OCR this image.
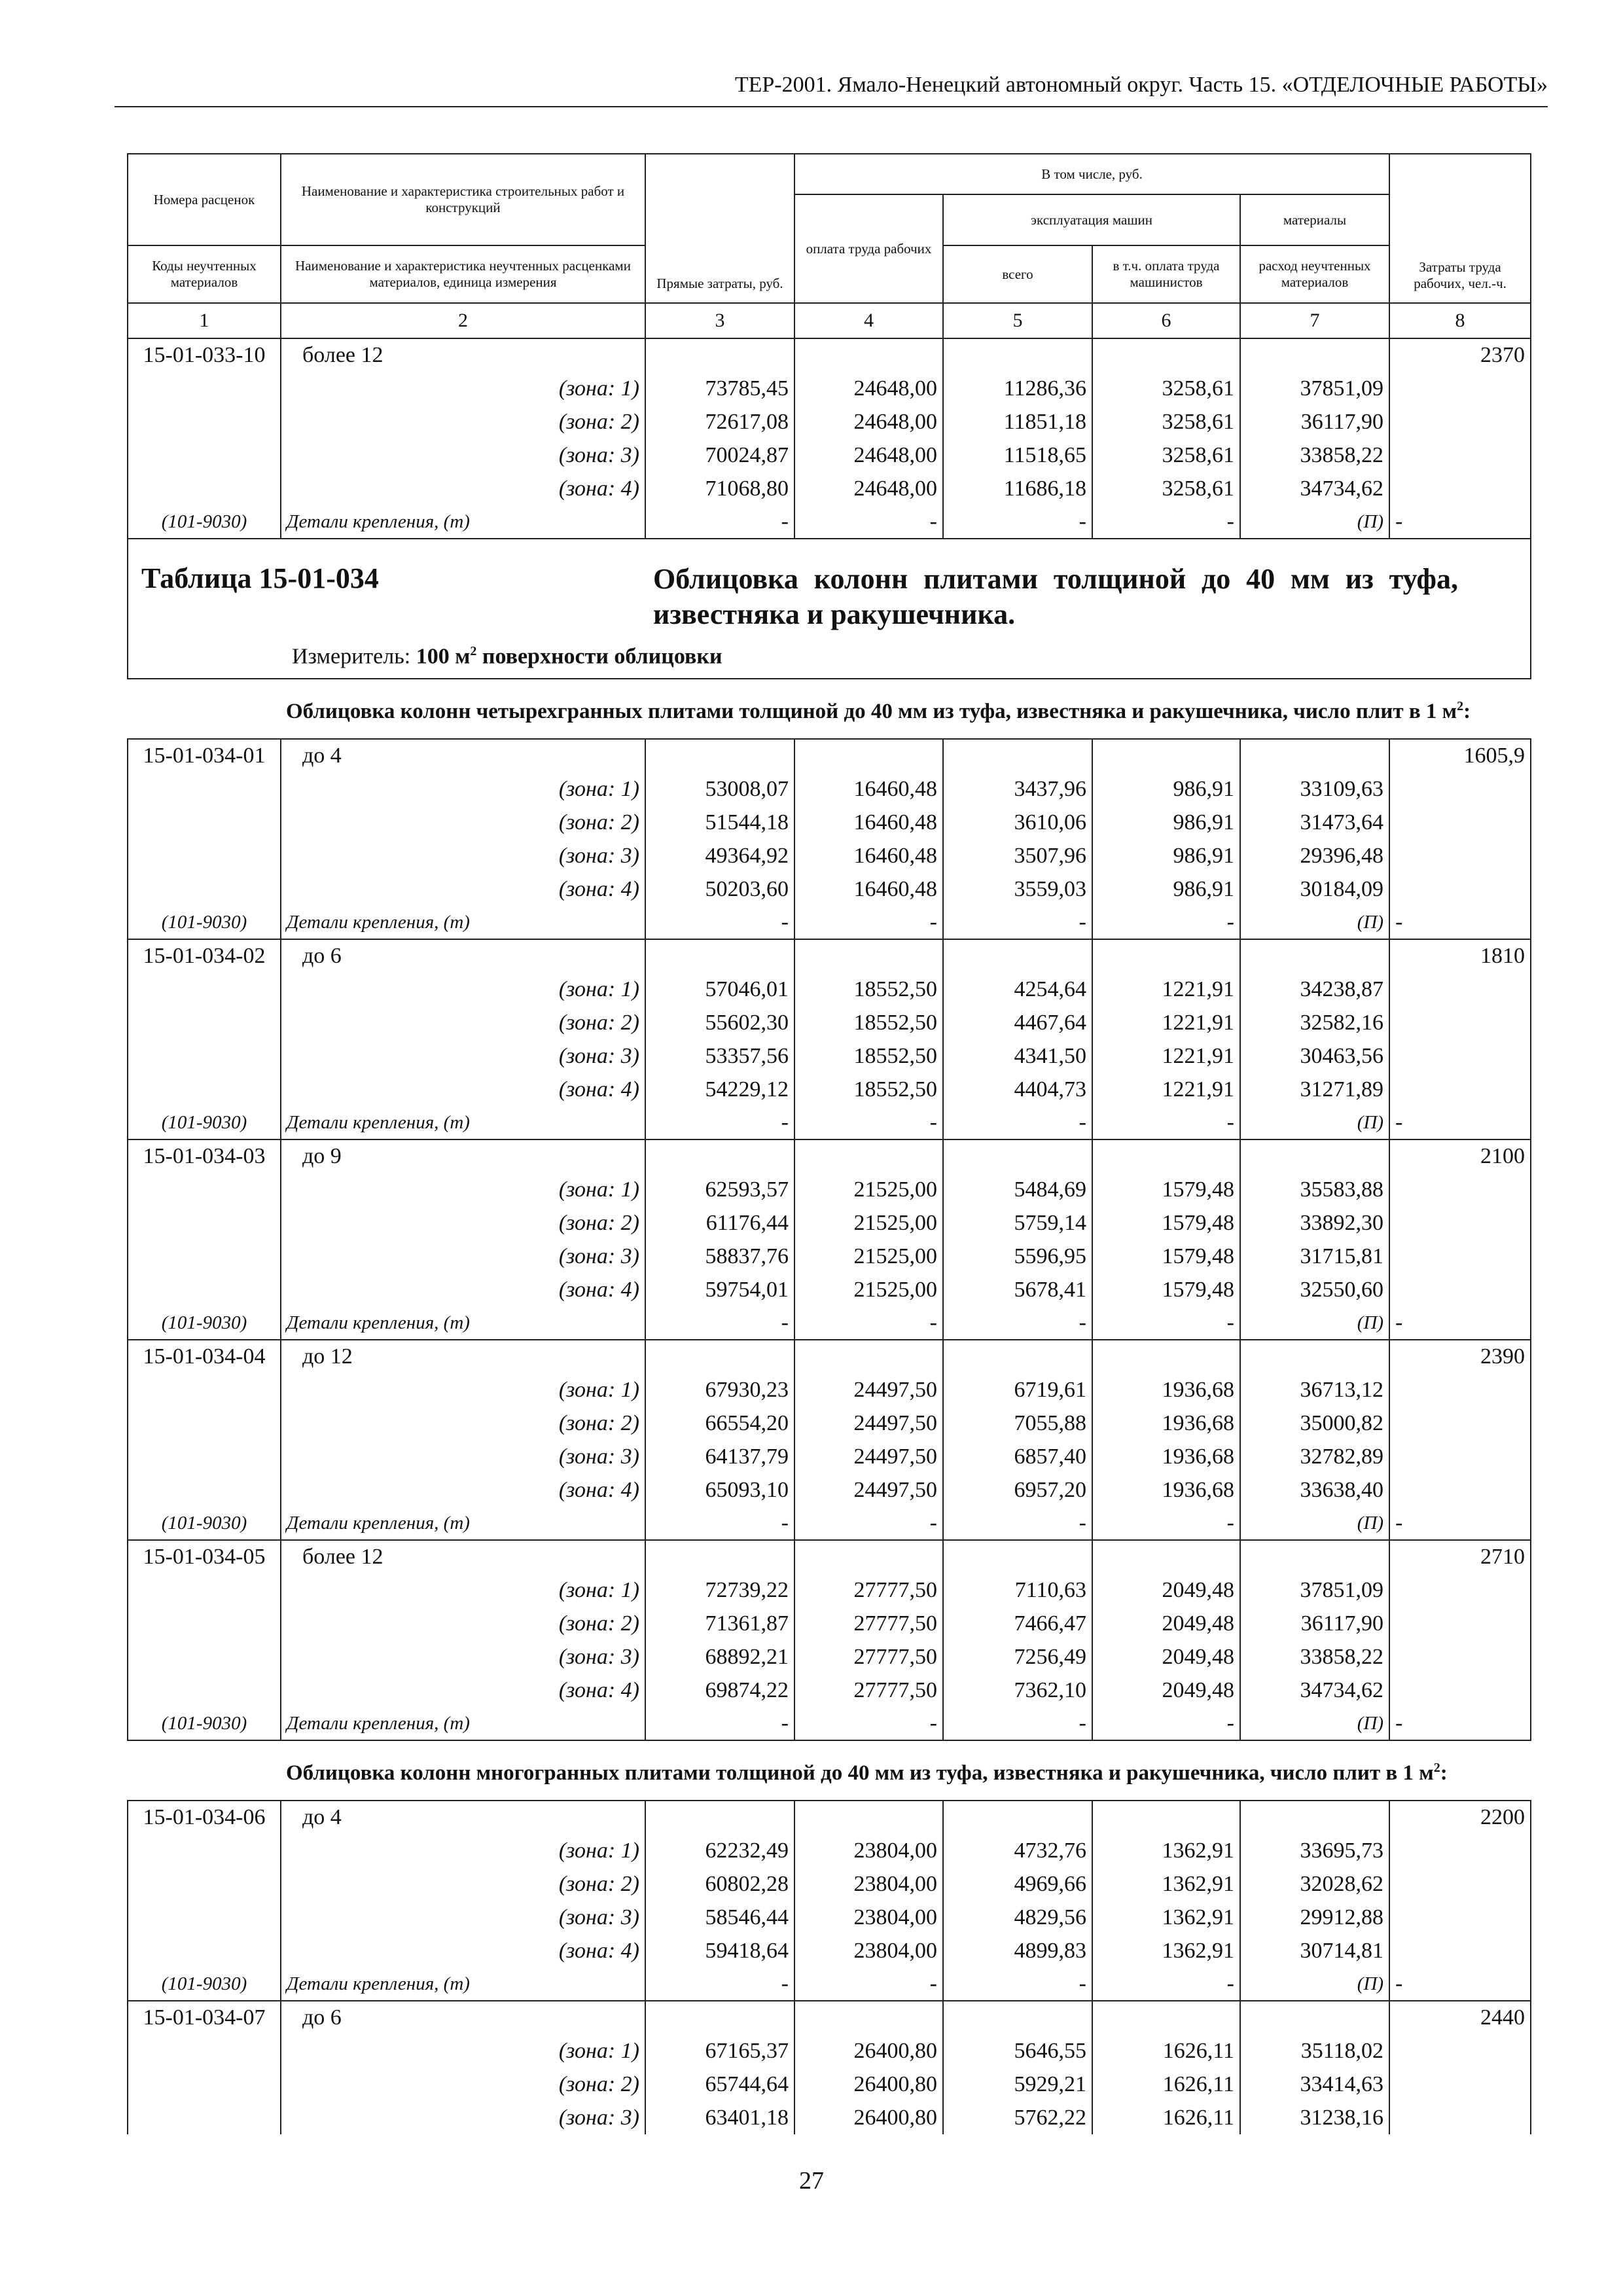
ТЕР-2001. Ямало-Ненецкий автономный округ. Часть 15. «ОТДЕЛОЧНЫЕ РАБОТЫ»
Номера расценок	Наименование и характеристика строительных работ и конструкций	Прямые затраты, руб.	В том числе, руб.				Затраты труда рабочих, чел.-ч.
			оплата труда рабочих	эксплуатация машин		материалы	
Коды неучтенных материалов	Наименование и характеристика неучтенных расценками материалов, единица измерения			всего	в т.ч. оплата труда машинистов	расход неучтенных материалов	
1	2	3	4	5	6	7	8
15-01-033-10	более 12						2370
	(зона: 1)	73785,45	24648,00	11286,36	3258,61	37851,09	
	(зона: 2)	72617,08	24648,00	11851,18	3258,61	36117,90	
	(зона: 3)	70024,87	24648,00	11518,65	3258,61	33858,22	
	(зона: 4)	71068,80	24648,00	11686,18	3258,61	34734,62	
(101-9030)	Детали крепления, (т)	-	-	-	-	(П)	-

Таблица 15-01-034 Облицовка колонн плитами толщиной до 40 мм из туфа, известняка и ракушечника.
Измеритель: 100 $м^2$ поверхности облицовки							

	Облицовка колонн четырехгранных плитами толщиной до 40 мм из туфа, известняка и ракушечника, число плит в 1 $м^2$:						
15-01-034-01	до 4						1605,9
	(зона: 1)	53008,07	16460,48	3437,96	986,91	33109,63	
	(зона: 2)	51544,18	16460,48	3610,06	986,91	31473,64	
	(зона: 3)	49364,92	16460,48	3507,96	986,91	29396,48	
	(зона: 4)	50203,60	16460,48	3559,03	986,91	30184,09	
(101-9030)	Детали крепления, (т)	-	-	-	-	(П)	-
15-01-034-02	до 6						1810
	(зона: 1)	57046,01	18552,50	4254,64	1221,91	34238,87	
	(зона: 2)	55602,30	18552,50	4467,64	1221,91	32582,16	
	(зона: 3)	53357,56	18552,50	4341,50	1221,91	30463,56	
	(зона: 4)	54229,12	18552,50	4404,73	1221,91	31271,89	
(101-9030)	Детали крепления, (т)	-	-	-	-	(П)	-
15-01-034-03	до 9						2100
	(зона: 1)	62593,57	21525,00	5484,69	1579,48	35583,88	
	(зона: 2)	61176,44	21525,00	5759,14	1579,48	33892,30	
	(зона: 3)	58837,76	21525,00	5596,95	1579,48	31715,81	
	(зона: 4)	59754,01	21525,00	5678,41	1579,48	32550,60	
(101-9030)	Детали крепления, (т)	-	-	-	-	(П)	-
15-01-034-04	до 12						2390
	(зона: 1)	67930,23	24497,50	6719,61	1936,68	36713,12	
	(зона: 2)	66554,20	24497,50	7055,88	1936,68	35000,82	
	(зона: 3)	64137,79	24497,50	6857,40	1936,68	32782,89	
	(зона: 4)	65093,10	24497,50	6957,20	1936,68	33638,40	
(101-9030)	Детали крепления, (т)	-	-	-	-	(П)	-
15-01-034-05	более 12						2710
	(зона: 1)	72739,22	27777,50	7110,63	2049,48	37851,09	
	(зона: 2)	71361,87	27777,50	7466,47	2049,48	36117,90	
	(зона: 3)	68892,21	27777,50	7256,49	2049,48	33858,22	
	(зона: 4)	69874,22	27777,50	7362,10	2049,48	34734,62	
(101-9030)	Детали крепления, (т)	-	-	-	-	(П)	-
	Облицовка колонн многогранных плитами толщиной до 40 мм из туфа, известняка и ракушечника, число плит в 1 $м^2$:						
15-01-034-06	до 4						2200
	(зона: 1)	62232,49	23804,00	4732,76	1362,91	33695,73	
	(зона: 2)	60802,28	23804,00	4969,66	1362,91	32028,62	
	(зона: 3)	58546,44	23804,00	4829,56	1362,91	29912,88	
	(зона: 4)	59418,64	23804,00	4899,83	1362,91	30714,81	
(101-9030)	Детали крепления, (т)	-	-	-	-	(П)	-
15-01-034-07	до 6						2440
	(зона: 1)	67165,37	26400,80	5646,55	1626,11	35118,02	
	(зона: 2)	65744,64	26400,80	5929,21	1626,11	33414,63	
	(зона: 3)	63401,18	26400,80	5762,22	1626,11	31238,16	
27
